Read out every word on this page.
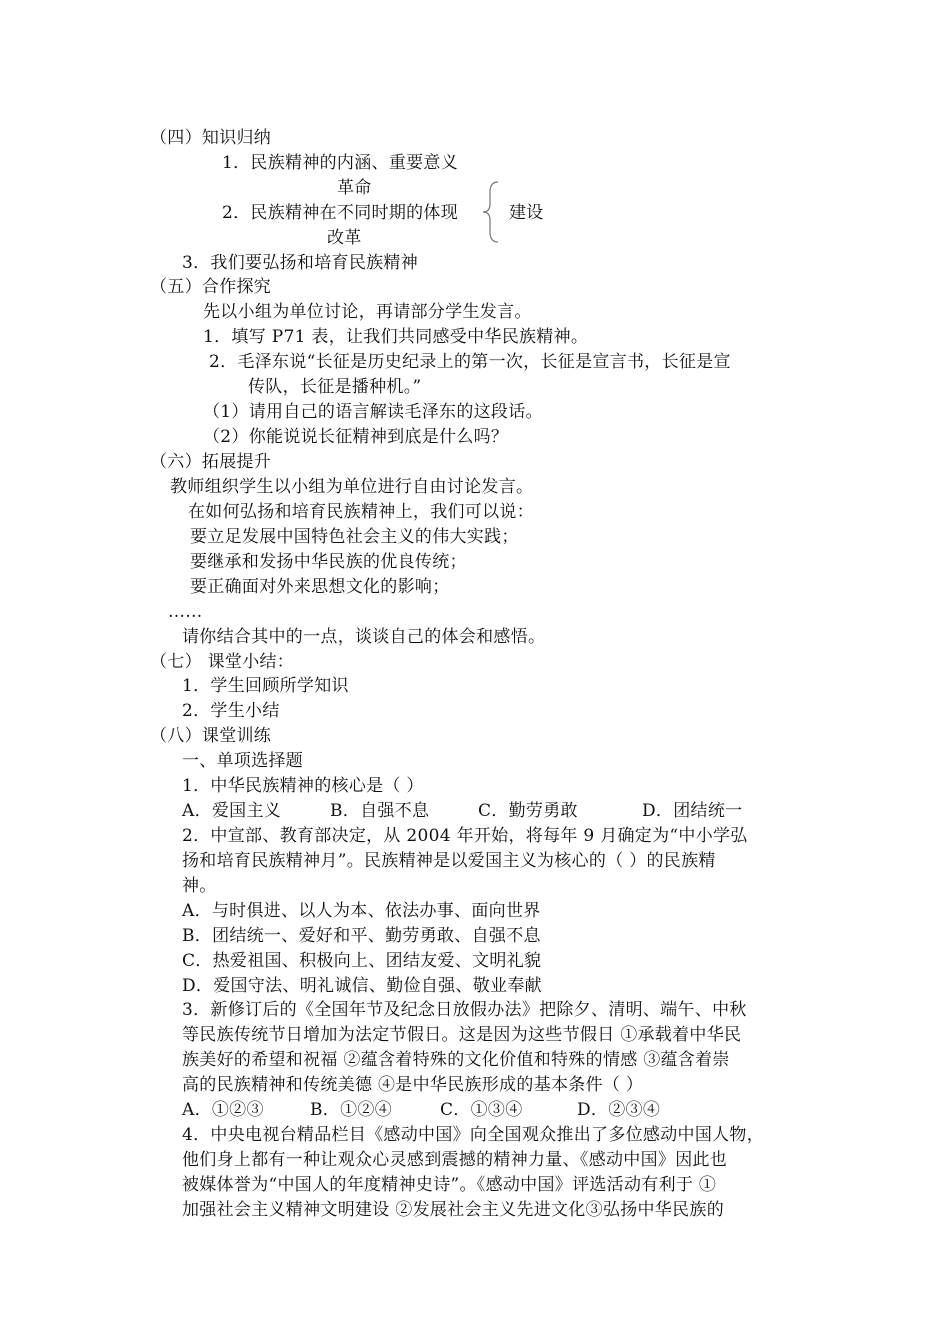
（四）知识归纳
1．民族精神的内涵、重要意义
革命
2．民族精神在不同时期的体现	建设
改革
3．我们要弘扬和培育民族精神
（五）合作探究
先以小组为单位讨论，再请部分学生发言。
1．填写 P71 表，让我们共同感受中华民族精神。
2．毛泽东说“长征是历史纪录上的第一次，长征是宣言书，长征是宣
传队，长征是播种机。”
（1）请用自己的语言解读毛泽东的这段话。
（2）你能说说长征精神到底是什么吗？
（六）拓展提升
教师组织学生以小组为单位进行自由讨论发言。
在如何弘扬和培育民族精神上，我们可以说：
要立足发展中国特色社会主义的伟大实践；
要继承和发扬中华民族的优良传统；
要正确面对外来思想文化的影响；
……
请你结合其中的一点，谈谈自己的体会和感悟。
（七） 课堂小结：
1．学生回顾所学知识
2．学生小结
（八）课堂训练
一、单项选择题
1．中华民族精神的核心是（ ）
A．爱国主义	B．自强不息	C．勤劳勇敢	D．团结统一
2．中宣部、教育部决定，从 2004 年开始，将每年 9 月确定为“中小学弘
扬和培育民族精神月”。民族精神是以爱国主义为核心的（ ）的民族精
神。
A．与时俱进、以人为本、依法办事、面向世界
B．团结统一、爱好和平、勤劳勇敢、自强不息
C．热爱祖国、积极向上、团结友爱、文明礼貌
D．爱国守法、明礼诚信、勤俭自强、敬业奉献
3．新修订后的《全国年节及纪念日放假办法》把除夕、清明、端午、中秋
等民族传统节日增加为法定节假日。这是因为这些节假日 ①承载着中华民
族美好的希望和祝福 ②蕴含着特殊的文化价值和特殊的情感 ③蕴含着崇
高的民族精神和传统美德 ④是中华民族形成的基本条件（ ）
A．①②③	B．①②④	C．①③④	D．②③④
4．中央电视台精品栏目《感动中国》向全国观众推出了多位感动中国人物，
他们身上都有一种让观众心灵感到震撼的精神力量、《感动中国》因此也
被媒体誉为“中国人的年度精神史诗”。《感动中国》评选活动有利于 ①
加强社会主义精神文明建设 ②发展社会主义先进文化③弘扬中华民族的
